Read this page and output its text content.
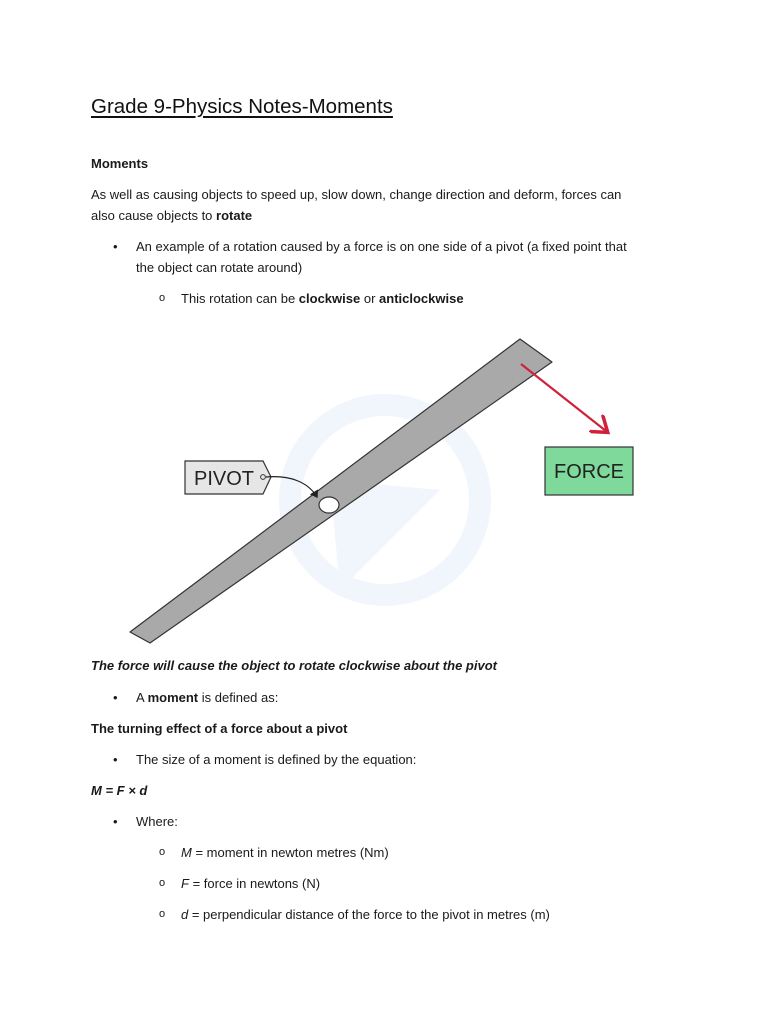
Grade 9-Physics Notes-Moments
Moments
As well as causing objects to speed up, slow down, change direction and deform, forces can
also cause objects to rotate
• An example of a rotation caused by a force is on one side of a pivot (a fixed point that
the object can rotate around)
o This rotation can be clockwise or anticlockwise
PIVOT	FORCE
The force will cause the object to rotate clockwise about the pivot
• A moment is defined as:
The turning effect of a force about a pivot
• The size of a moment is defined by the equation:
M = F × d
• Where:
o M = moment in newton metres (Nm)
o F = force in newtons (N)
o d = perpendicular distance of the force to the pivot in metres (m)
